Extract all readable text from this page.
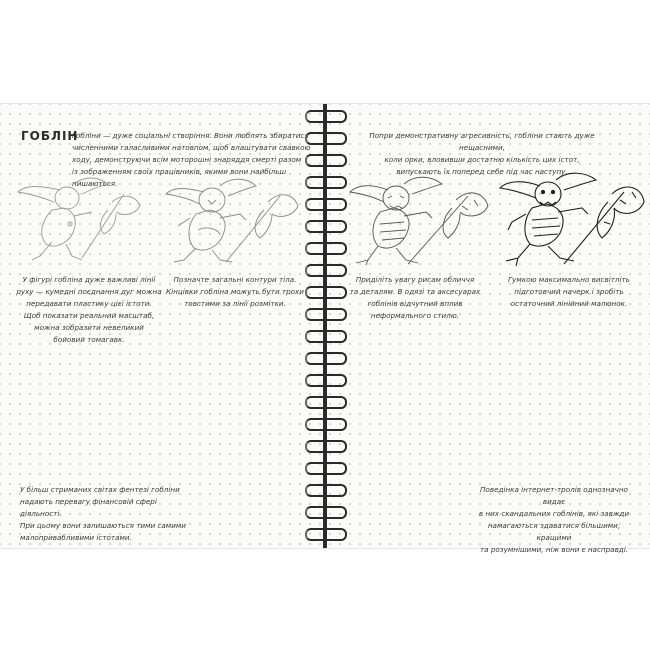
ГОБЛІН
Гобліни — дуже соціальні створіння. Вони люблять збиратися
численними галасливими натовпом, щоб влаштувати свавкою
ходу, демонструючи всім моторошні знаряддя смерті разом
із зображенням своїх працівників, якими вони найбільш пишаються.
У фігурі гобліна дуже важливі лінії
руху — кумедні поєднання дуг можна
передавати пластику цієї істоти.
Щоб показати реальний масштаб,
можна зобразити невеликий
бойовий томагавк.
Позначте загальні контури тіла.
Кінцівки гобліна можуть бути трохи
товстими за лінії розмітки.
У більш стриманих світах фентезі гобліни
надають перевагу фінансовій сфері діяльності.
При цьому вони залишаються тими самими
малопривабливими істотами.
Попри демонстративну агресивність, гобліни стають дуже нещасними,
коли орки, вловивши достатню кількість цих істот,
випускають їх поперед себе під час наступу.
Приділіть увагу рисам обличчя
та деталям. В одязі та аксесуарах
гоблінів відчутний вплив
неформального стилю.
Гумкою максимально висвітліть
підготовчий начерк і зробіть
остаточний лінійний малюнок.
Поведінка інтернет-тролів однозначно видає
в них скандальних гоблінів, які завжди
намагаються здаватися більшими, кращими
та розумнішими, ніж вони є насправді.
